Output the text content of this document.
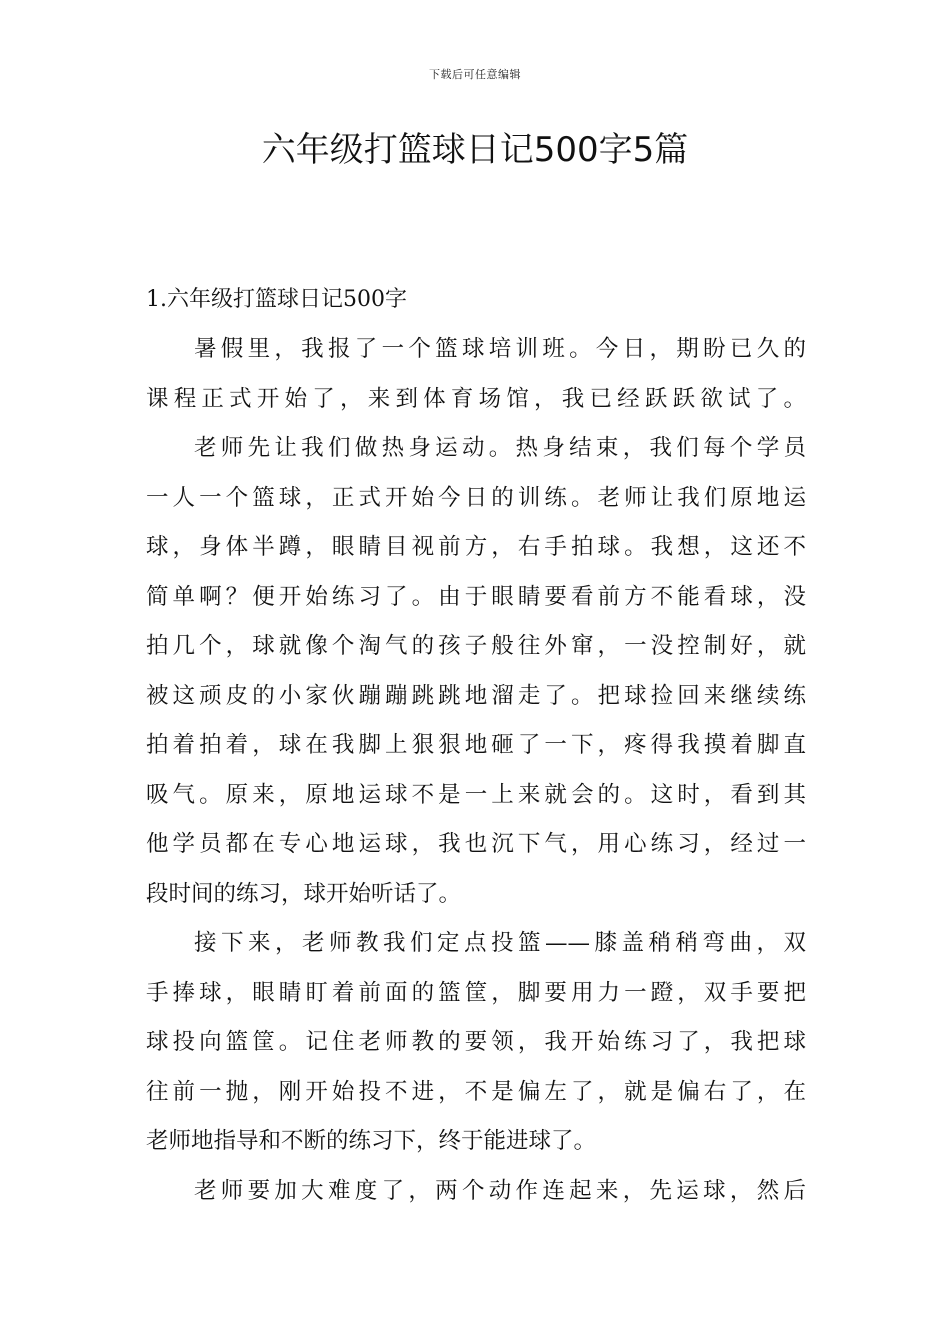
下载后可任意编辑
六年级打篮球日记500字5篇
1.六年级打篮球日记500字
暑假里，我报了一个篮球培训班。今日，期盼已久的
课程正式开始了，来到体育场馆，我已经跃跃欲试了。
老师先让我们做热身运动。热身结束，我们每个学员
一人一个篮球，正式开始今日的训练。老师让我们原地运
球，身体半蹲，眼睛目视前方，右手拍球。我想，这还不
简单啊？便开始练习了。由于眼睛要看前方不能看球，没
拍几个，球就像个淘气的孩子般往外窜，一没控制好，就
被这顽皮的小家伙蹦蹦跳跳地溜走了。把球捡回来继续练
拍着拍着，球在我脚上狠狠地砸了一下，疼得我摸着脚直
吸气。原来，原地运球不是一上来就会的。这时，看到其
他学员都在专心地运球，我也沉下气，用心练习，经过一
段时间的练习，球开始听话了。
接下来，老师教我们定点投篮——膝盖稍稍弯曲，双
手捧球，眼睛盯着前面的篮筐，脚要用力一蹬，双手要把
球投向篮筐。记住老师教的要领，我开始练习了，我把球
往前一抛，刚开始投不进，不是偏左了，就是偏右了，在
老师地指导和不断的练习下，终于能进球了。
老师要加大难度了，两个动作连起来，先运球，然后
